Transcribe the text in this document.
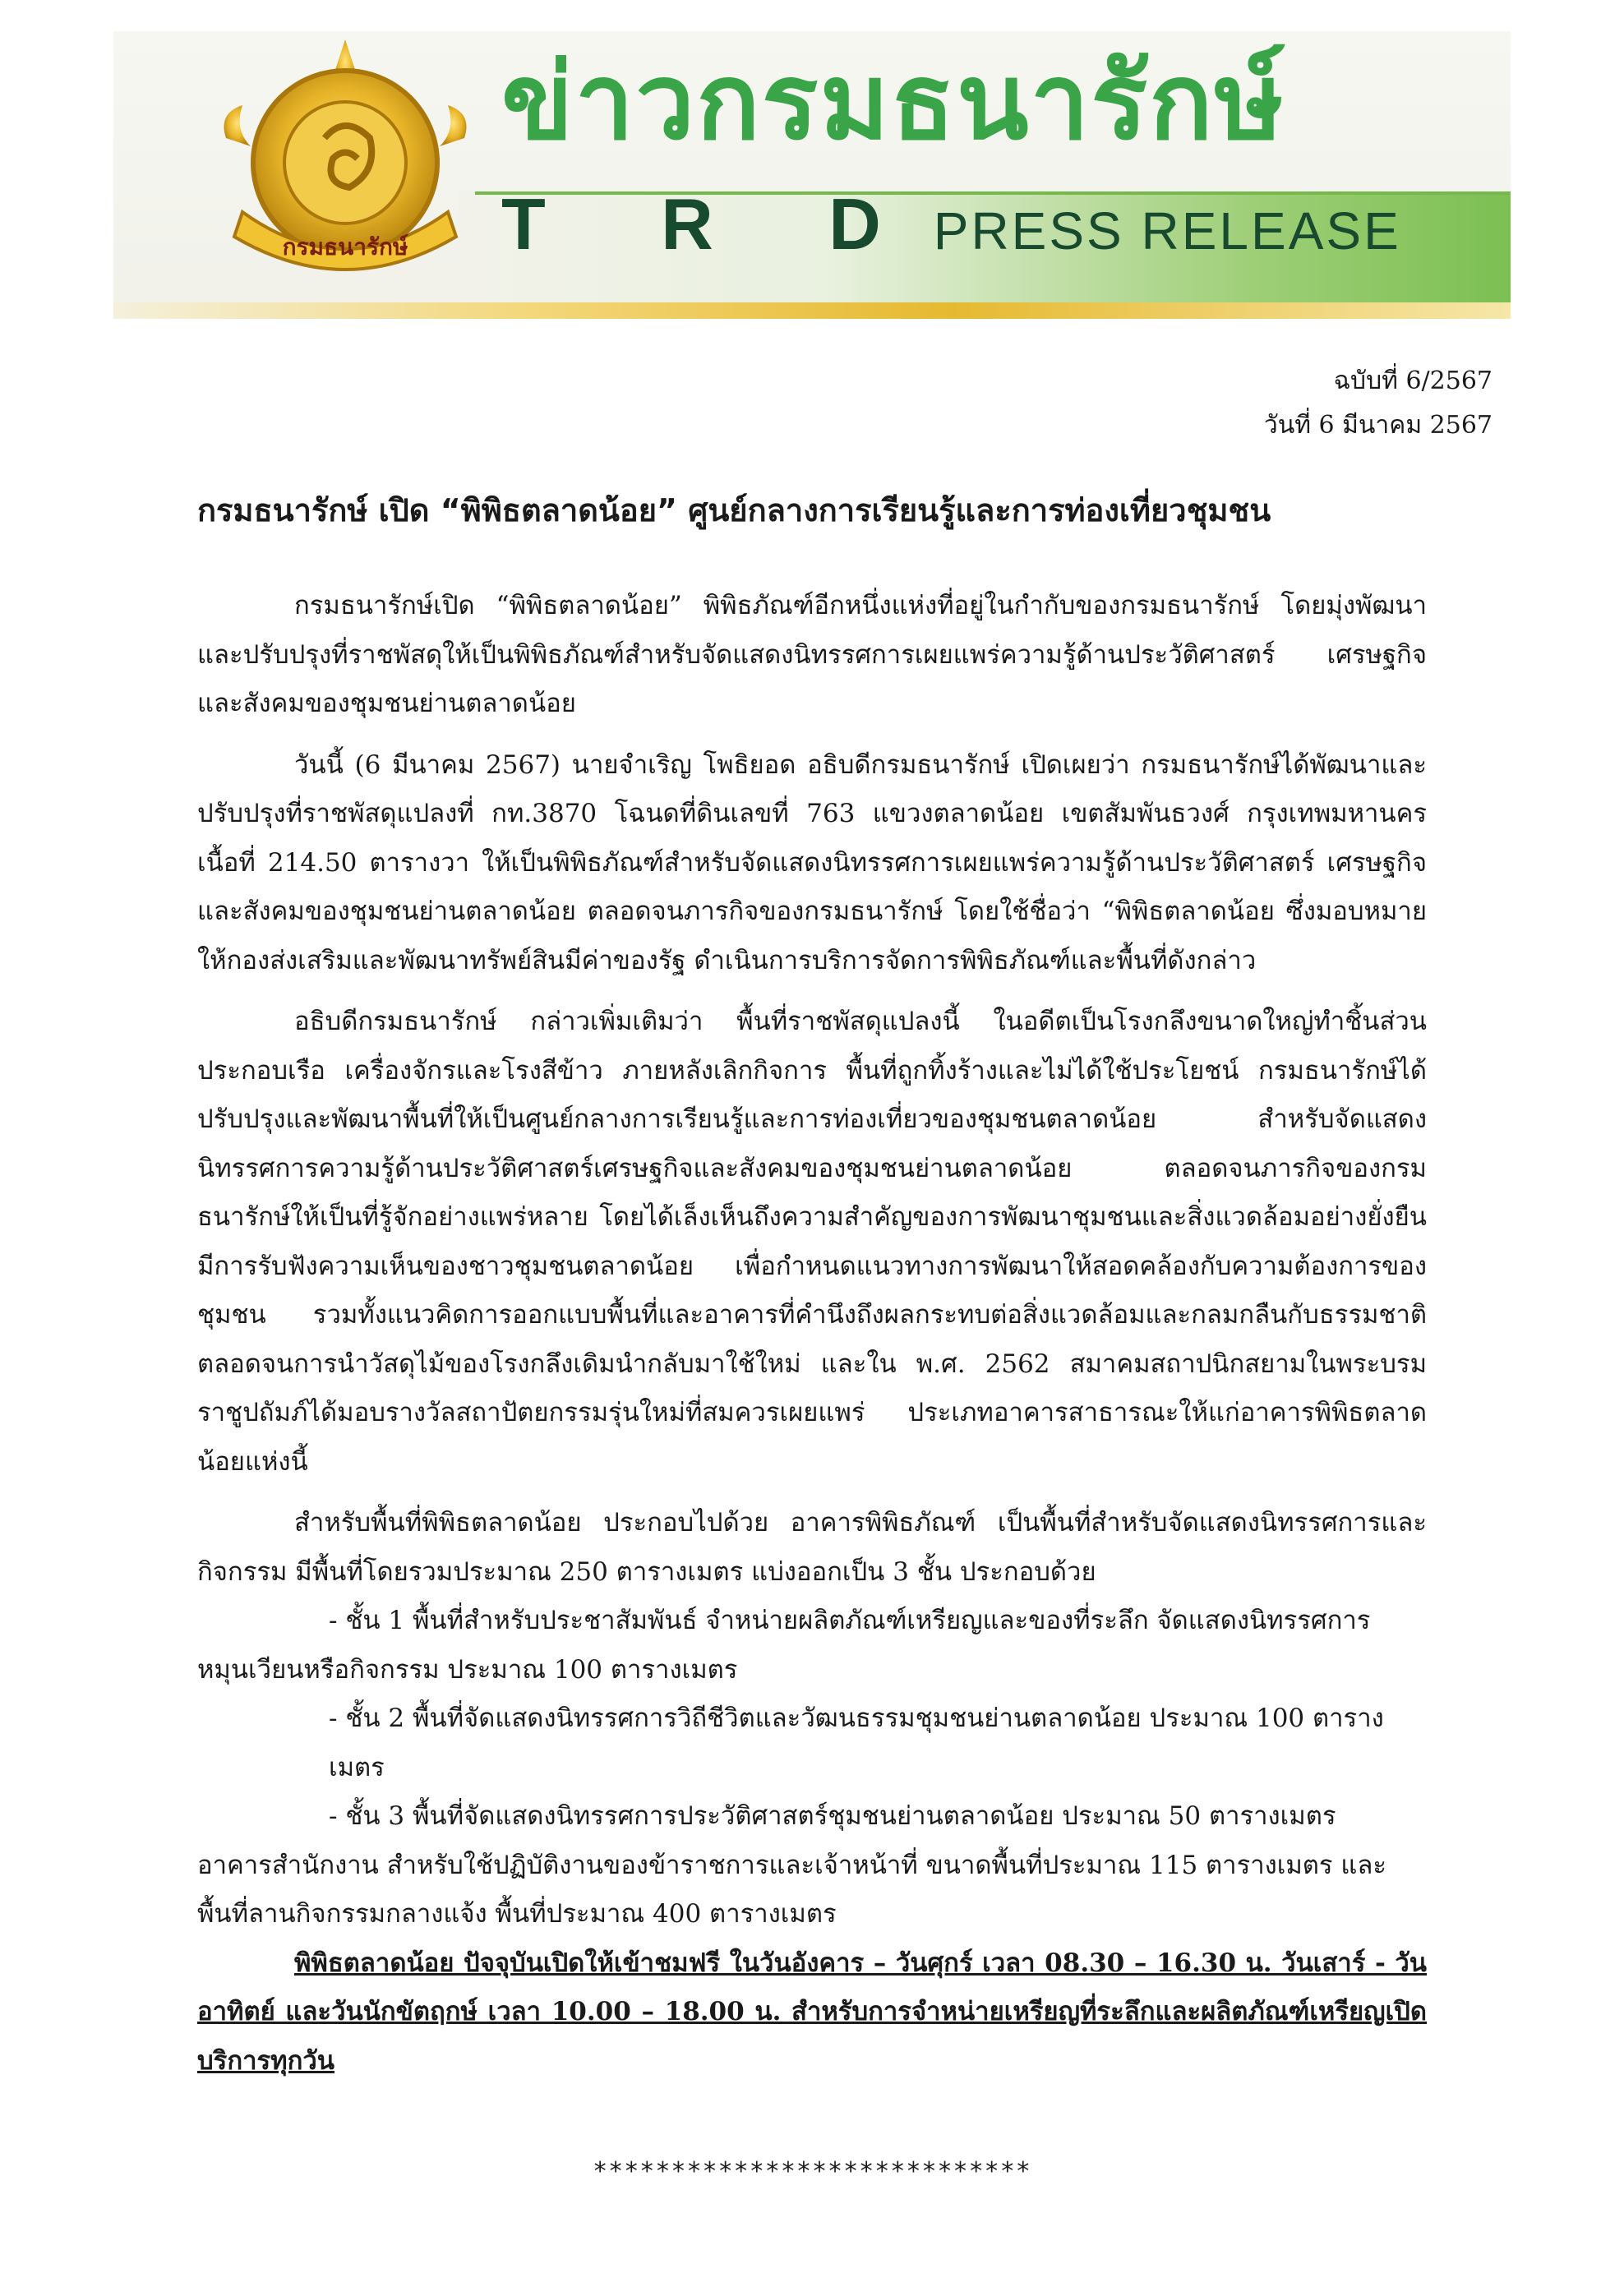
กรมธนารักษ์
ข่าวกรมธนารักษ์
T R DPRESS RELEASE
ฉบับที่ 6/2567
วันที่ 6 มีนาคม 2567
กรมธนารักษ์ เปิด “พิพิธตลาดน้อย” ศูนย์กลางการเรียนรู้และการท่องเที่ยวชุมชน

กรมธนารักษ์เปิด “พิพิธตลาดน้อย” พิพิธภัณฑ์อีกหนึ่งแห่งที่อยู่ในกำกับของกรมธนารักษ์ โดยมุ่งพัฒนาและปรับปรุงที่ราชพัสดุให้เป็นพิพิธภัณฑ์สำหรับจัดแสดงนิทรรศการเผยแพร่ความรู้ด้านประวัติศาสตร์ เศรษฐกิจและสังคมของชุมชนย่านตลาดน้อย

วันนี้ (6 มีนาคม 2567) นายจำเริญ โพธิยอด อธิบดีกรมธนารักษ์ เปิดเผยว่า กรมธนารักษ์ได้พัฒนาและปรับปรุงที่ราชพัสดุแปลงที่ กท.3870 โฉนดที่ดินเลขที่ 763 แขวงตลาดน้อย เขตสัมพันธวงศ์ กรุงเทพมหานคร เนื้อที่ 214.50 ตารางวา ให้เป็นพิพิธภัณฑ์สำหรับจัดแสดงนิทรรศการเผยแพร่ความรู้ด้านประวัติศาสตร์ เศรษฐกิจและสังคมของชุมชนย่านตลาดน้อย ตลอดจนภารกิจของกรมธนารักษ์ โดยใช้ชื่อว่า “พิพิธตลาดน้อย ซึ่งมอบหมายให้กองส่งเสริมและพัฒนาทรัพย์สินมีค่าของรัฐ ดำเนินการบริการจัดการพิพิธภัณฑ์และพื้นที่ดังกล่าว

อธิบดีกรมธนารักษ์ กล่าวเพิ่มเติมว่า พื้นที่ราชพัสดุแปลงนี้ ในอดีตเป็นโรงกลึงขนาดใหญ่ทำชิ้นส่วนประกอบเรือ เครื่องจักรและโรงสีข้าว ภายหลังเลิกกิจการ พื้นที่ถูกทิ้งร้างและไม่ได้ใช้ประโยชน์ กรมธนารักษ์ได้ปรับปรุงและพัฒนาพื้นที่ให้เป็นศูนย์กลางการเรียนรู้และการท่องเที่ยวของชุมชนตลาดน้อย สำหรับจัดแสดงนิทรรศการความรู้ด้านประวัติศาสตร์เศรษฐกิจและสังคมของชุมชนย่านตลาดน้อย ตลอดจนภารกิจของกรมธนารักษ์ให้เป็นที่รู้จักอย่างแพร่หลาย โดยได้เล็งเห็นถึงความสำคัญของการพัฒนาชุมชนและสิ่งแวดล้อมอย่างยั่งยืน มีการรับฟังความเห็นของชาวชุมชนตลาดน้อย เพื่อกำหนดแนวทางการพัฒนาให้สอดคล้องกับความต้องการของชุมชน รวมทั้งแนวคิดการออกแบบพื้นที่และอาคารที่คำนึงถึงผลกระทบต่อสิ่งแวดล้อมและกลมกลืนกับธรรมชาติ ตลอดจนการนำวัสดุไม้ของโรงกลึงเดิมนำกลับมาใช้ใหม่ และใน พ.ศ. 2562 สมาคมสถาปนิกสยามในพระบรมราชูปถัมภ์ได้มอบรางวัลสถาปัตยกรรมรุ่นใหม่ที่สมควรเผยแพร่ ประเภทอาคารสาธารณะให้แก่อาคารพิพิธตลาดน้อยแห่งนี้

สำหรับพื้นที่พิพิธตลาดน้อย ประกอบไปด้วย อาคารพิพิธภัณฑ์ เป็นพื้นที่สำหรับจัดแสดงนิทรรศการและกิจกรรม มีพื้นที่โดยรวมประมาณ 250 ตารางเมตร แบ่งออกเป็น 3 ชั้น ประกอบด้วย

- ชั้น 1 พื้นที่สำหรับประชาสัมพันธ์ จำหน่ายผลิตภัณฑ์เหรียญและของที่ระลึก จัดแสดงนิทรรศการ
หมุนเวียนหรือกิจกรรม ประมาณ 100 ตารางเมตร
- ชั้น 2 พื้นที่จัดแสดงนิทรรศการวิถีชีวิตและวัฒนธรรมชุมชนย่านตลาดน้อย ประมาณ 100 ตารางเมตร
- ชั้น 3 พื้นที่จัดแสดงนิทรรศการประวัติศาสตร์ชุมชนย่านตลาดน้อย ประมาณ 50 ตารางเมตร
อาคารสำนักงาน สำหรับใช้ปฏิบัติงานของข้าราชการและเจ้าหน้าที่ ขนาดพื้นที่ประมาณ 115 ตารางเมตร และพื้นที่ลานกิจกรรมกลางแจ้ง พื้นที่ประมาณ 400 ตารางเมตร

พิพิธตลาดน้อย ปัจจุบันเปิดให้เข้าชมฟรี ในวันอังคาร – วันศุกร์ เวลา 08.30 – 16.30 น. วันเสาร์ - วันอาทิตย์ และวันนักขัตฤกษ์ เวลา 10.00 – 18.00 น. สำหรับการจำหน่ายเหรียญที่ระลึกและผลิตภัณฑ์เหรียญเปิดบริการทุกวัน

****************************
